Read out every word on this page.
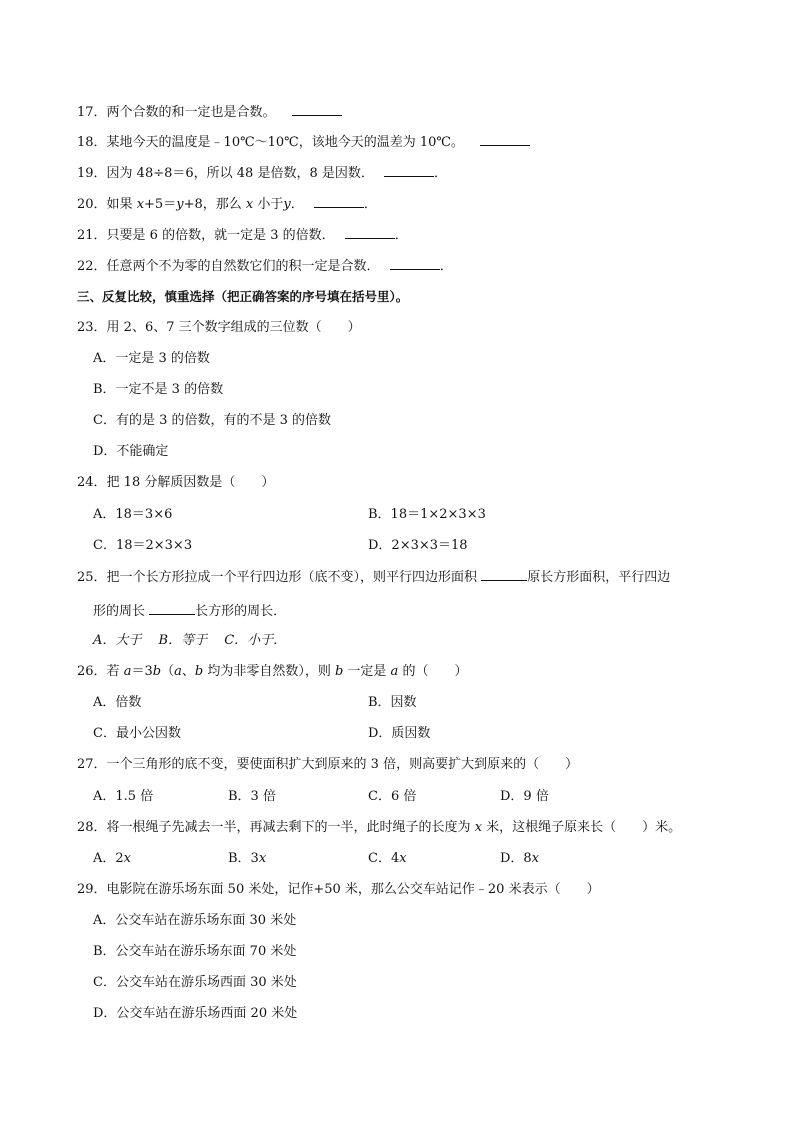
17．两个合数的和一定也是合数。
18．某地今天的温度是﹣10℃～10℃，该地今天的温差为 10℃。
19．因为 48÷8＝6，所以 48 是倍数，8 是因数．	．
20．如果 x+5＝y+8，那么 x 小于y．	．
21．只要是 6 的倍数，就一定是 3 的倍数．	．
22．任意两个不为零的自然数它们的积一定是合数．	．
三、反复比较，慎重选择（把正确答案的序号填在括号里）。
23．用 2、6、7 三个数字组成的三位数（　　）
A．一定是 3 的倍数
B．一定不是 3 的倍数
C．有的是 3 的倍数，有的不是 3 的倍数
D．不能确定
24．把 18 分解质因数是（　　）
A．18＝3×6	B．18＝1×2×3×3
C．18＝2×3×3	D．2×3×3＝18
25．把一个长方形拉成一个平行四边形（底不变），则平行四边形面积	原长方形面积，平行四边
形的周长	长方形的周长．
A．大于　 B．等于　 C．小于．
26．若 a＝3b（a、b 均为非零自然数），则 b 一定是 a 的（　　）
A．倍数	B．因数
C．最小公因数	D．质因数
27．一个三角形的底不变，要使面积扩大到原来的 3 倍，则高要扩大到原来的（　　）
A．1.5 倍	B．3 倍	C．6 倍	D．9 倍
28．将一根绳子先减去一半，再减去剩下的一半，此时绳子的长度为 x 米，这根绳子原来长（　　）米。
A．2x	B．3x	C．4x	D．8x
29．电影院在游乐场东面 50 米处，记作+50 米，那么公交车站记作﹣20 米表示（　　）
A．公交车站在游乐场东面 30 米处
B．公交车站在游乐场东面 70 米处
C．公交车站在游乐场西面 30 米处
D．公交车站在游乐场西面 20 米处
